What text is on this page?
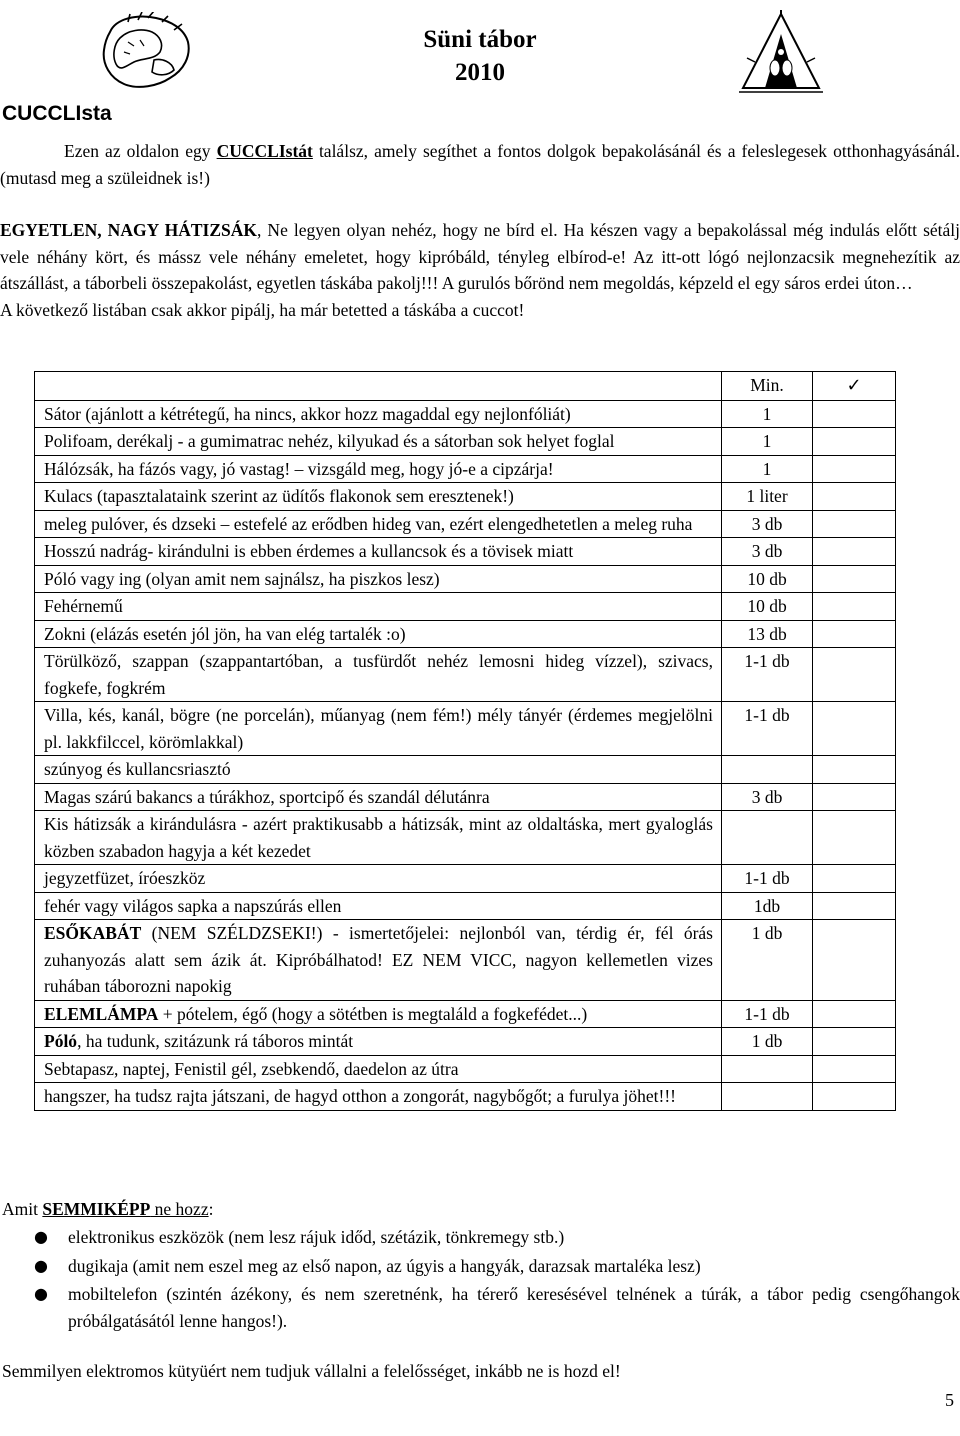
Süni tábor
2010
CUCCLIsta

Ezen az oldalon egy CUCCLIstát találsz, amely segíthet a fontos dolgok bepakolásánál és a feleslegesek otthonhagyásánál. (mutasd meg a szüleidnek is!)

EGYETLEN, NAGY HÁTIZSÁK, Ne legyen olyan nehéz, hogy ne bírd el. Ha készen vagy a bepakolással még indulás előtt sétálj vele néhány kört, és mássz vele néhány emeletet, hogy kipróbáld, tényleg elbírod-e! Az itt-ott lógó nejlonzacsik megnehezítik az átszállást, a táborbeli összepakolást, egyetlen táskába pakolj!!! A gurulós bőrönd nem megoldás, képzeld el egy sáros erdei úton…

A következő listában csak akkor pipálj, ha már betetted a táskába a cuccot!

	Min.	✓
Sátor (ajánlott a kétrétegű, ha nincs, akkor hozz magaddal egy nejlonfóliát)	1	
Polifoam, derékalj - a gumimatrac nehéz, kilyukad és a sátorban sok helyet foglal	1	
Hálózsák, ha fázós vagy, jó vastag! – vizsgáld meg, hogy jó-e a cipzárja!	1	
Kulacs (tapasztalataink szerint az üdítős flakonok sem eresztenek!)	1 liter	
meleg pulóver, és dzseki – estefelé az erődben hideg van, ezért elengedhetetlen a meleg ruha	3 db	
Hosszú nadrág- kirándulni is ebben érdemes a kullancsok és a tövisek miatt	3 db	
Póló vagy ing (olyan amit nem sajnálsz, ha piszkos lesz)	10 db	
Fehérnemű	10 db	
Zokni (elázás esetén jól jön, ha van elég tartalék :o)	13 db	
Törülköző, szappan (szappantartóban, a tusfürdőt nehéz lemosni hideg vízzel), szivacs, fogkefe, fogkrém	1-1 db	
Villa, kés, kanál, bögre (ne porcelán), műanyag (nem fém!) mély tányér (érdemes megjelölni pl. lakkfilccel, körömlakkal)	1-1 db	
szúnyog és kullancsriasztó		
Magas szárú bakancs a túrákhoz, sportcipő és szandál délutánra	3 db	
Kis hátizsák a kirándulásra - azért praktikusabb a hátizsák, mint az oldaltáska, mert gyaloglás közben szabadon hagyja a két kezedet		
jegyzetfüzet, íróeszköz	1-1 db	
fehér vagy világos sapka a napszúrás ellen	1db	
ESŐKABÁT (NEM SZÉLDZSEKI!) - ismertetőjelei: nejlonból van, térdig ér, fél órás zuhanyozás alatt sem ázik át. Kipróbálhatod! EZ NEM VICC, nagyon kellemetlen vizes ruhában táborozni napokig	1 db	
ELEMLÁMPA + pótelem, égő (hogy a sötétben is megtaláld a fogkefédet...)	1-1 db	
Póló, ha tudunk, szitázunk rá táboros mintát	1 db	
Sebtapasz, naptej, Fenistil gél, zsebkendő, daedelon az útra		
hangszer, ha tudsz rajta játszani, de hagyd otthon a zongorát, nagybőgőt; a furulya jöhet!!!		
Amit SEMMIKÉPP ne hozz:
● elektronikus eszközök (nem lesz rájuk időd, szétázik, tönkremegy stb.)
● dugikaja (amit nem eszel meg az első napon, az úgyis a hangyák, darazsak martaléka lesz)
● mobiltelefon (szintén ázékony, és nem szeretnénk, ha térerő keresésével telnének a túrák, a tábor pedig csengőhangok próbálgatásától lenne hangos!).
Semmilyen elektromos kütyüért nem tudjuk vállalni a felelősséget, inkább ne is hozd el!
5
